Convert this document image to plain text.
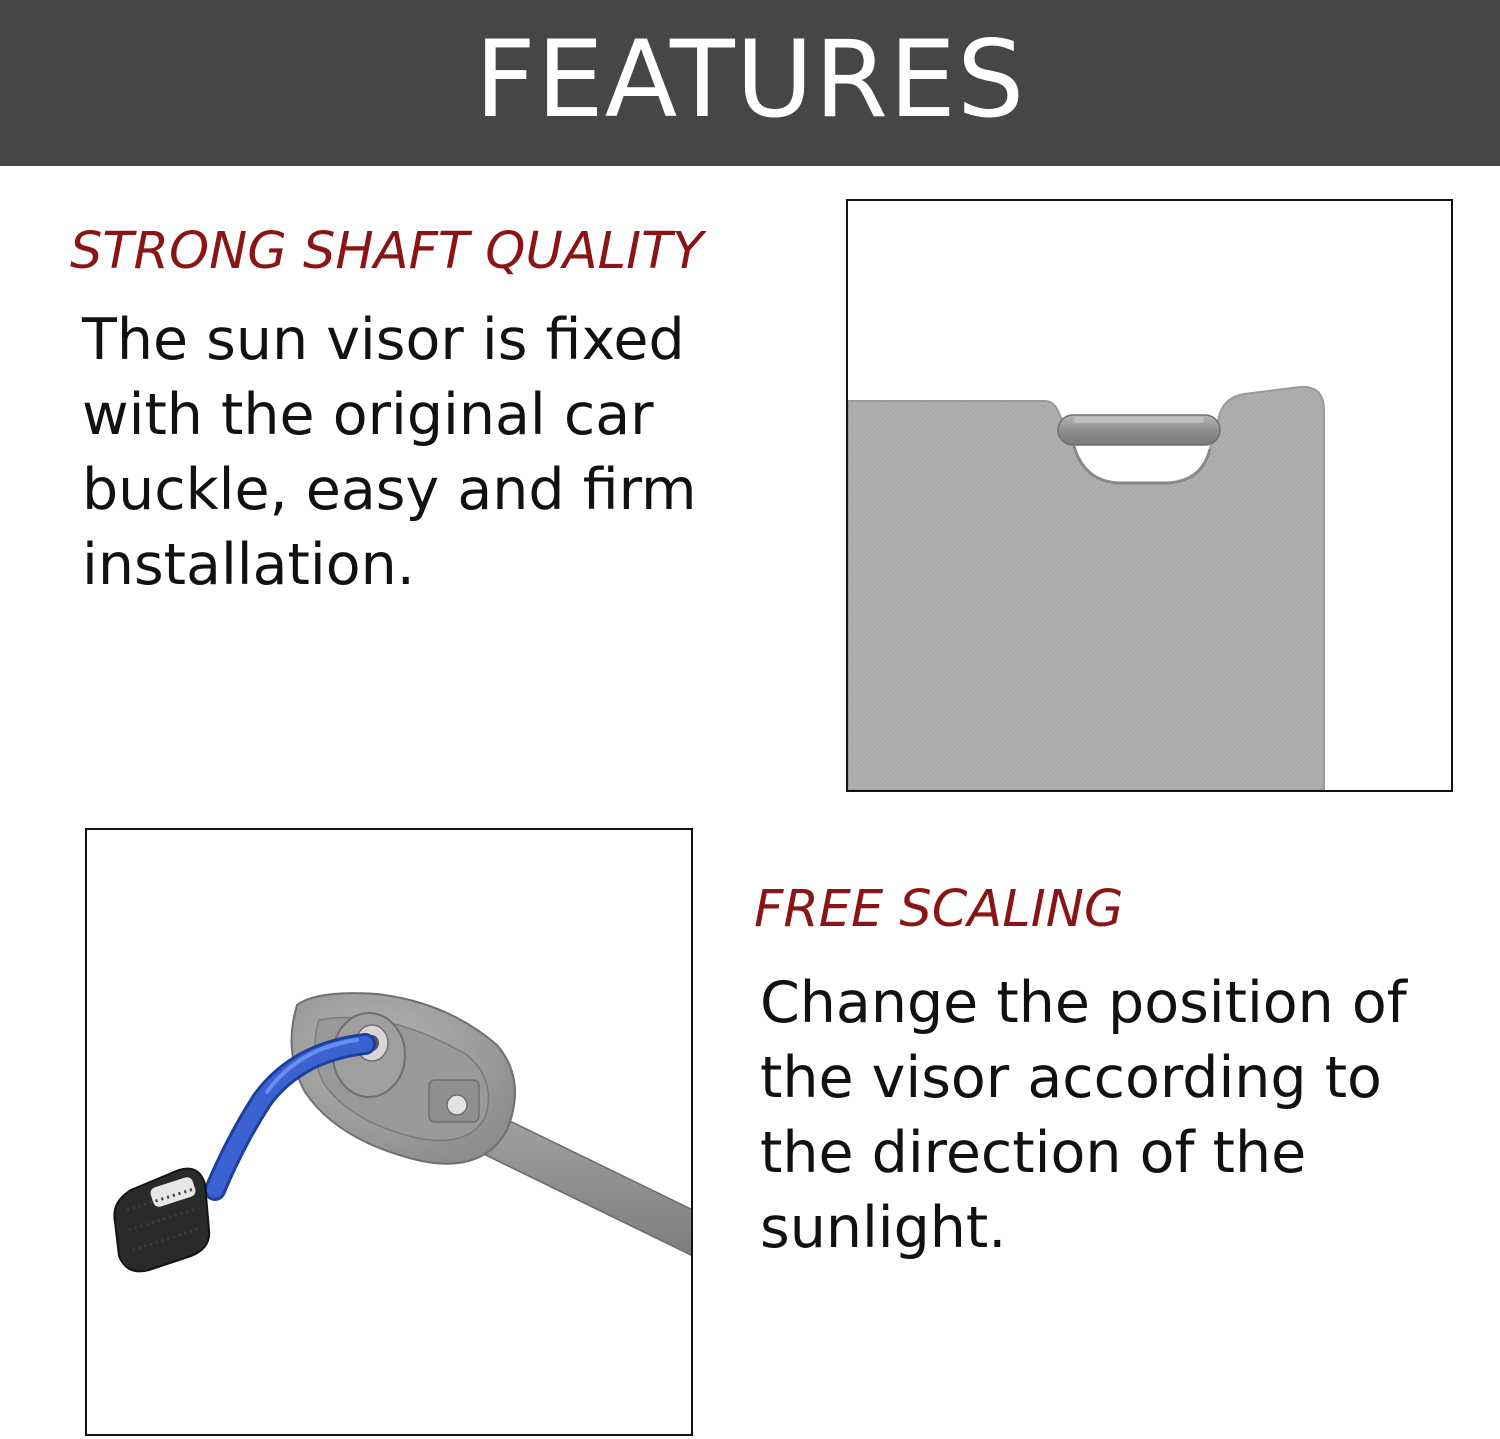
FEATURES
STRONG SHAFT QUALITY

The sun visor is fixed with the original car buckle, easy and firm installation.

FREE SCALING

Change the position of the visor according to the direction of the sunlight.
